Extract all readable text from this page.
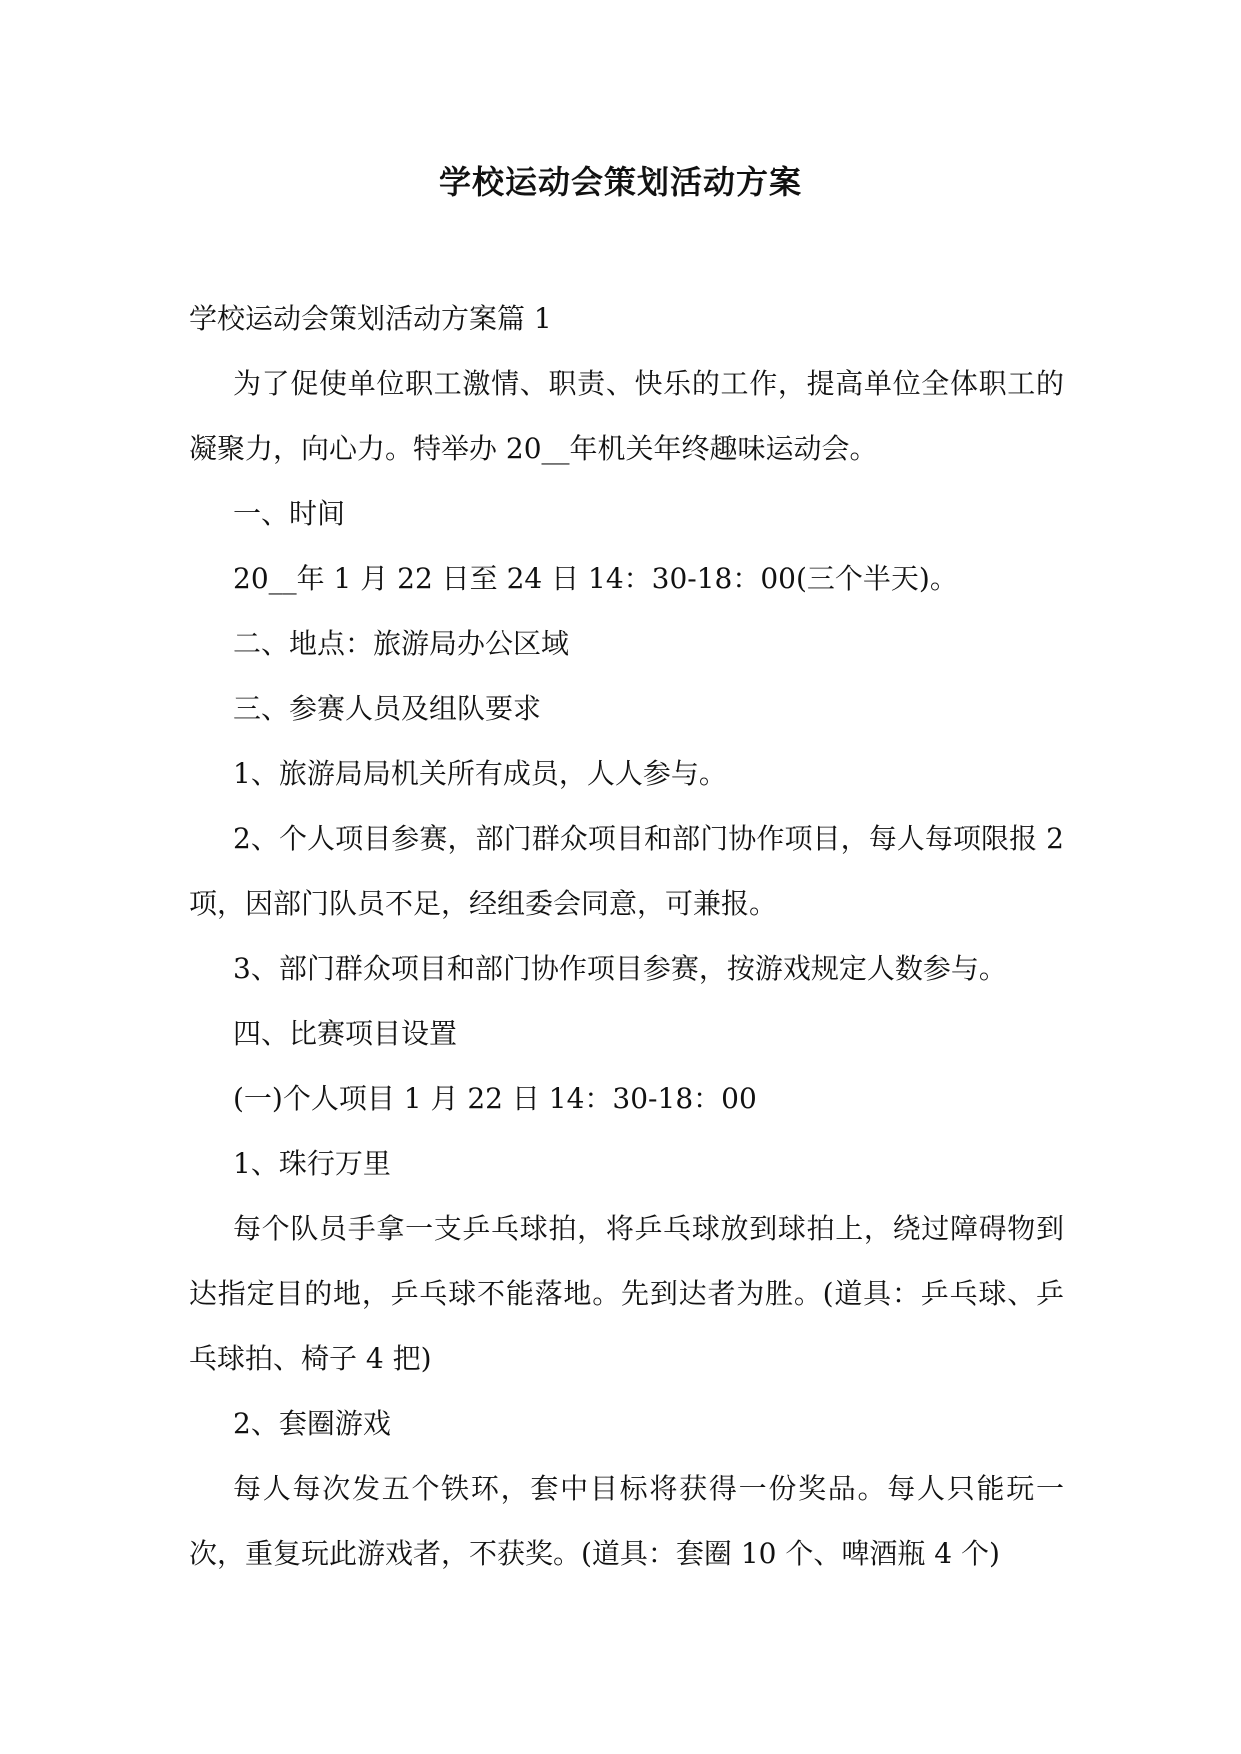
学校运动会策划活动方案

学校运动会策划活动方案篇 1

为了促使单位职工激情、职责、快乐的工作，提高单位全体职工的凝聚力，向心力。特举办 20__年机关年终趣味运动会。

一、时间

20__年 1 月 22 日至 24 日 14：30-18：00(三个半天)。

二、地点：旅游局办公区域

三、参赛人员及组队要求

1、旅游局局机关所有成员，人人参与。

2、个人项目参赛，部门群众项目和部门协作项目，每人每项限报 2 项，因部门队员不足，经组委会同意，可兼报。

3、部门群众项目和部门协作项目参赛，按游戏规定人数参与。

四、比赛项目设置

(一)个人项目 1 月 22 日 14：30-18：00

1、珠行万里

每个队员手拿一支乒乓球拍，将乒乓球放到球拍上，绕过障碍物到达指定目的地，乒乓球不能落地。先到达者为胜。(道具：乒乓球、乒乓球拍、椅子 4 把)

2、套圈游戏

每人每次发五个铁环，套中目标将获得一份奖品。每人只能玩一次，重复玩此游戏者，不获奖。(道具：套圈 10 个、啤酒瓶 4 个)
